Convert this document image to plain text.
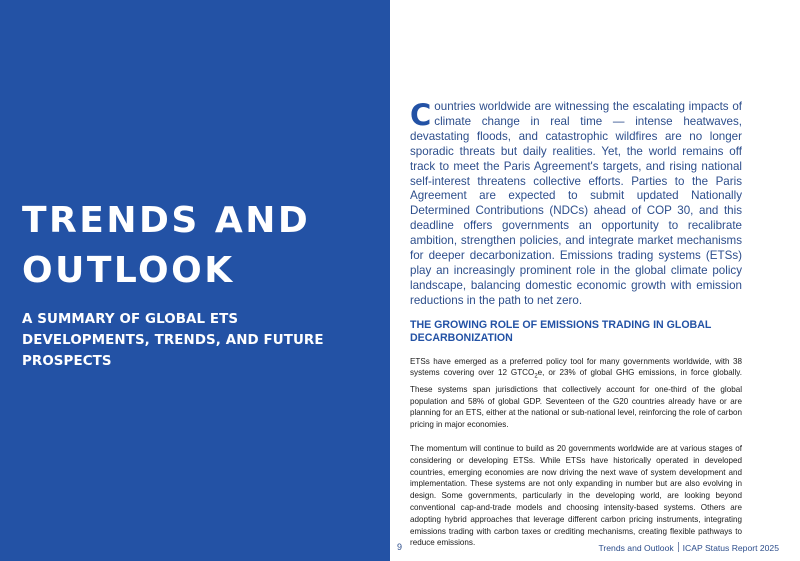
TRENDS AND OUTLOOK
A SUMMARY OF GLOBAL ETS DEVELOPMENTS, TRENDS, AND FUTURE PROSPECTS

Countries worldwide are witnessing the escalating impacts of climate change in real time — intense heatwaves, devastating floods, and catastrophic wildfires are no longer sporadic threats but daily realities. Yet, the world remains off track to meet the Paris Agreement's targets, and rising national self-interest threatens collective efforts. Parties to the Paris Agreement are expected to submit updated Nationally Determined Contributions (NDCs) ahead of COP 30, and this deadline offers governments an opportunity to recalibrate ambition, strengthen policies, and integrate market mechanisms for deeper decarbonization. Emissions trading systems (ETSs) play an increasingly prominent role in the global climate policy landscape, balancing domestic economic growth with emission reductions in the path to net zero.

THE GROWING ROLE OF EMISSIONS TRADING IN GLOBAL DECARBONIZATION

ETSs have emerged as a preferred policy tool for many governments worldwide, with 38 systems covering over 12 $GTCO_2e$, or 23% of global GHG emissions, in force globally. These systems span jurisdictions that collectively account for one-third of the global population and 58% of global GDP. Seventeen of the G20 countries already have or are planning for an ETS, either at the national or sub-national level, reinforcing the role of carbon pricing in major economies.

The momentum will continue to build as 20 governments worldwide are at various stages of considering or developing ETSs. While ETSs have historically operated in developed countries, emerging economies are now driving the next wave of system development and implementation. These systems are not only expanding in number but are also evolving in design. Some governments, particularly in the developing world, are looking beyond conventional cap-and-trade models and choosing intensity-based systems. Others are adopting hybrid approaches that leverage different carbon pricing instruments, integrating emissions trading with carbon taxes or crediting mechanisms, creating flexible pathways to reduce emissions.

9	Trends and Outlook ICAP Status Report 2025
